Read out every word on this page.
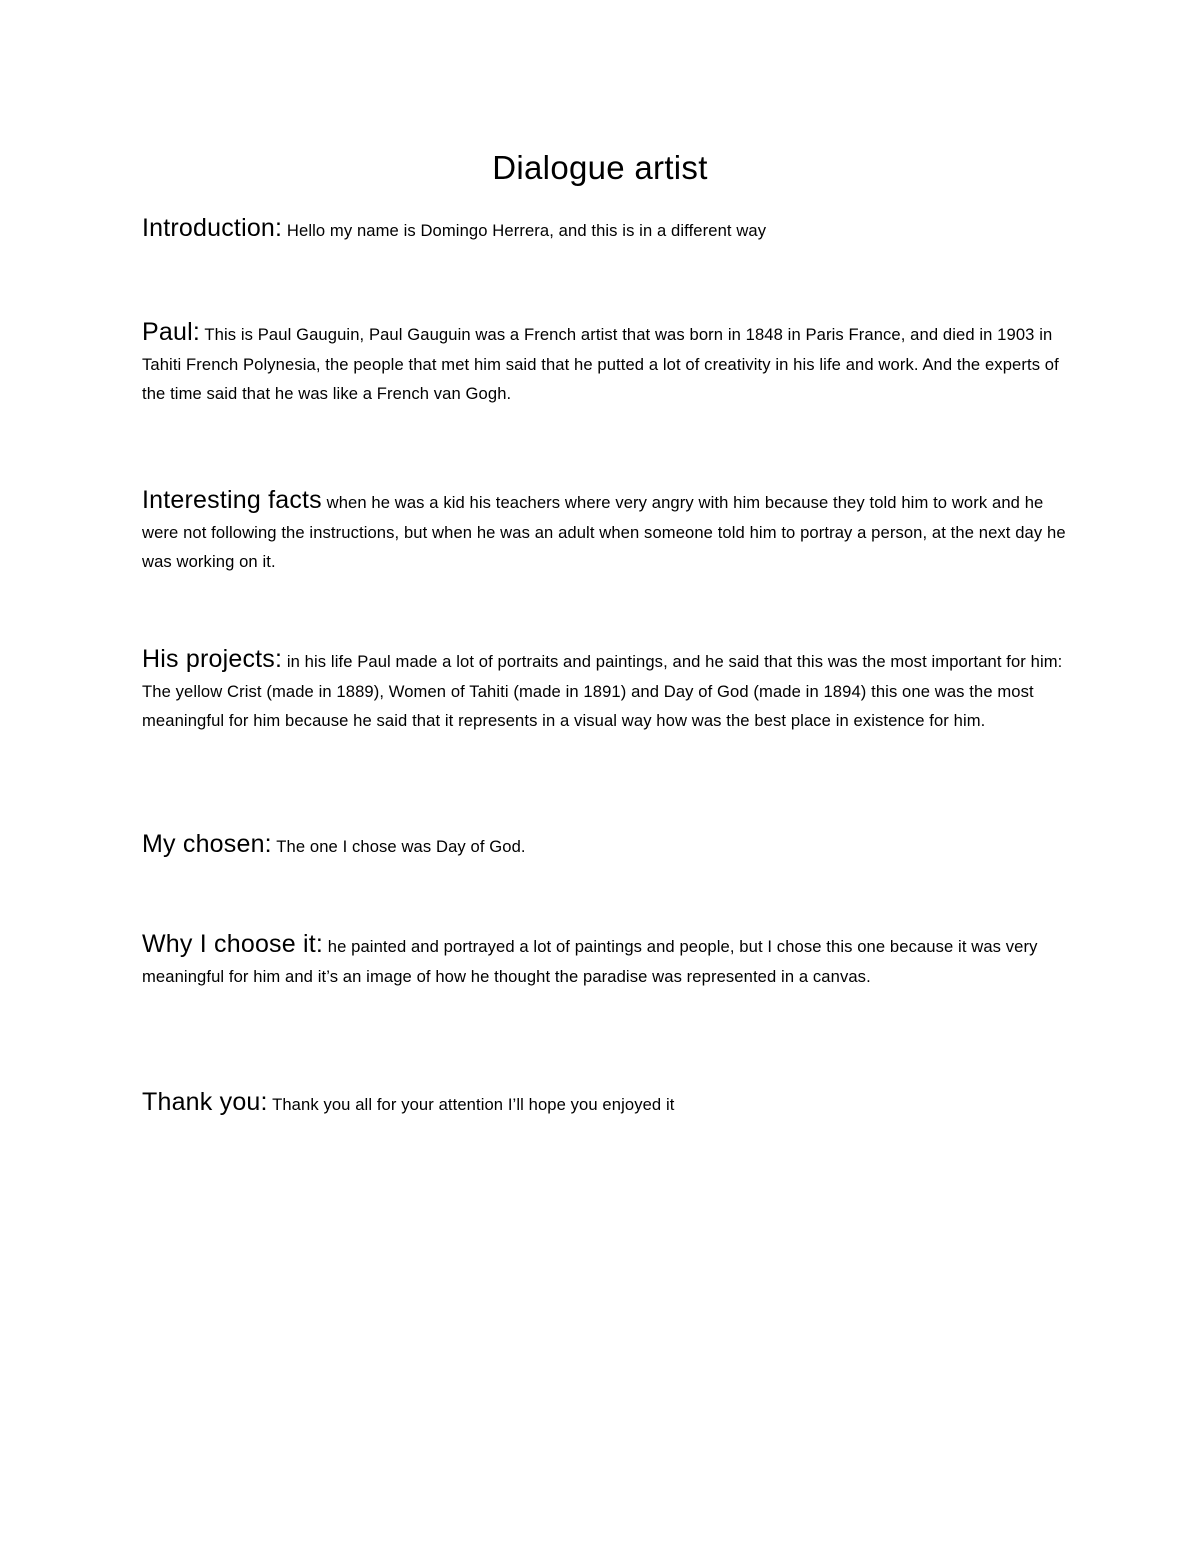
Dialogue artist
Introduction: Hello my name is Domingo Herrera, and this is in a different way
Paul: This is Paul Gauguin, Paul Gauguin was a French artist that was born in 1848 in Paris France, and died in 1903 in Tahiti French Polynesia, the people that met him said that he putted a lot of creativity in his life and work. And the experts of the time said that he was like a French van Gogh.
Interesting facts when he was a kid his teachers where very angry with him because they told him to work and he were not following the instructions, but when he was an adult when someone told him to portray a person, at the next day he was working on it.
His projects: in his life Paul made a lot of portraits and paintings, and he said that this was the most important for him: The yellow Crist (made in 1889), Women of Tahiti (made in 1891) and Day of God (made in 1894) this one was the most meaningful for him because he said that it represents in a visual way how was the best place in existence for him.
My chosen: The one I chose was Day of God.
Why I choose it: he painted and portrayed a lot of paintings and people, but I chose this one because it was very meaningful for him and it’s an image of how he thought the paradise was represented in a canvas.
Thank you: Thank you all for your attention I’ll hope you enjoyed it
